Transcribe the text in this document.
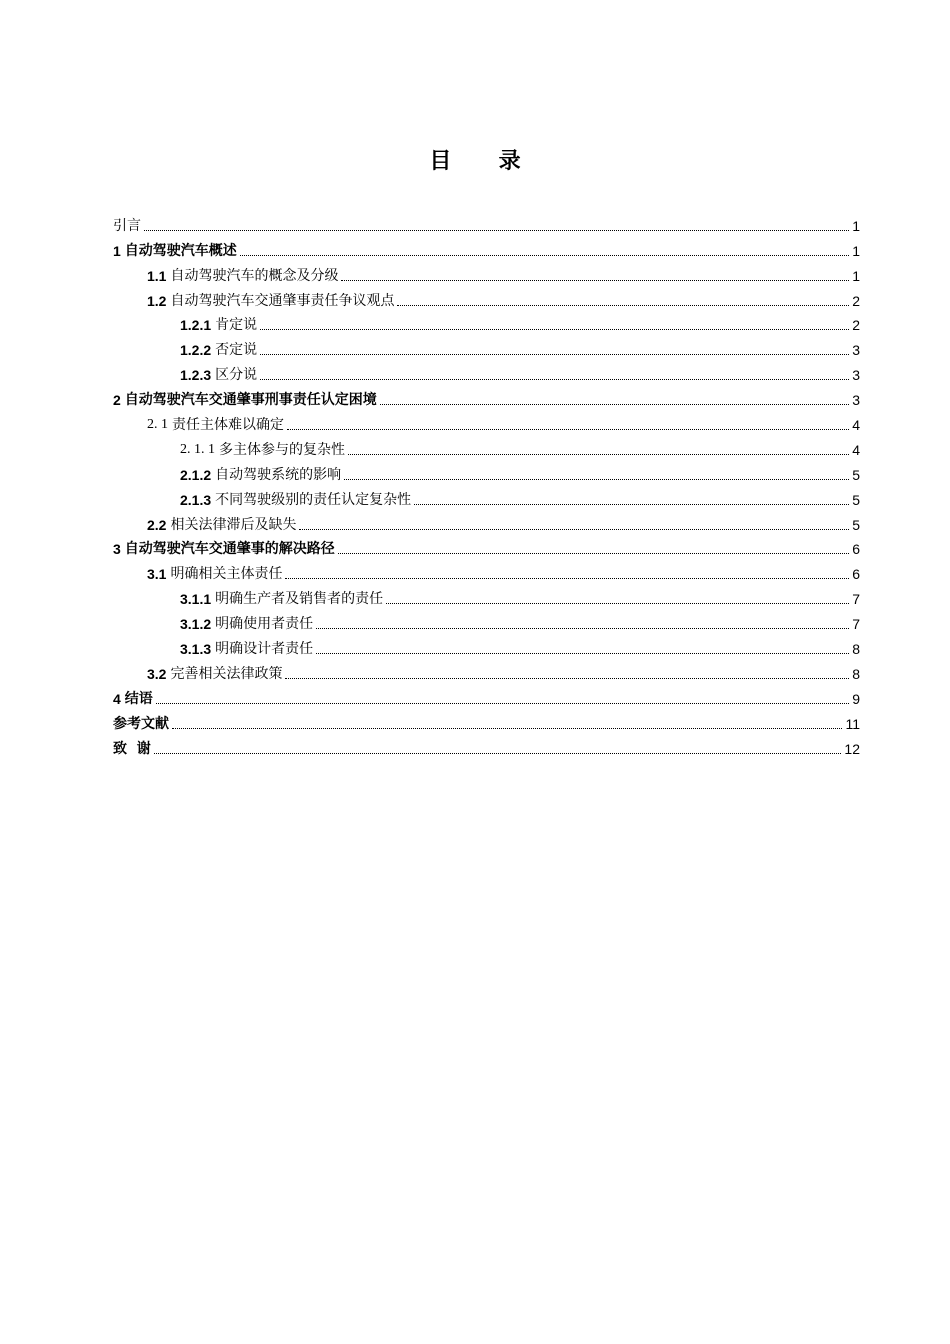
目 录
引言	1
1 自动驾驶汽车概述	1
1.1 自动驾驶汽车的概念及分级	1
1.2 自动驾驶汽车交通肇事责任争议观点	2
1.2.1 肯定说	2
1.2.2 否定说	3
1.2.3 区分说	3
2 自动驾驶汽车交通肇事刑事责任认定困境	3
2. 1 责任主体难以确定	4
2. 1. 1 多主体参与的复杂性	4
2.1.2 自动驾驶系统的影响	5
2.1.3 不同驾驶级别的责任认定复杂性	5
2.2 相关法律滞后及缺失	5
3 自动驾驶汽车交通肇事的解决路径	6
3.1 明确相关主体责任	6
3.1.1 明确生产者及销售者的责任	7
3.1.2 明确使用者责任	7
3.1.3 明确设计者责任	8
3.2 完善相关法律政策	8
4 结语	9
参考文献	11
致  谢	12
